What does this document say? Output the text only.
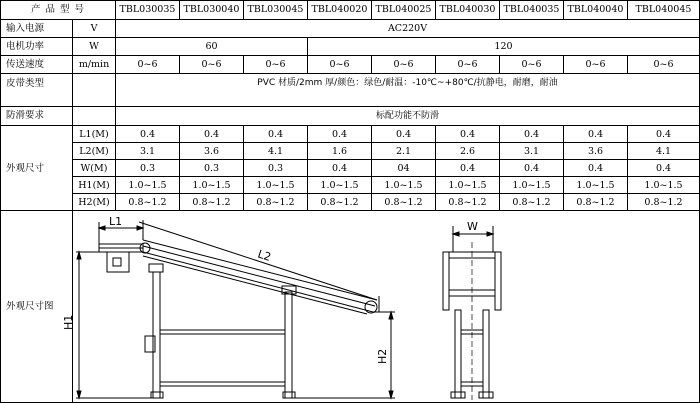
产 品 型 号		TBL030035	TBL030040	TBL030045	TBL040020	TBL040025	TBL040030	TBL040035	TBL040040	TBL040045
输入电源	V	AC220V								
电机功率	W	60			120					
传送速度	m/min	0~6	0~6	0~6	0~6	0~6	0~6	0~6	0~6	0~6
皮带类型		PVC 材质/2mm 厚/颜色：绿色/耐温：-10℃~+80℃/抗静电，耐磨，耐油								
防滑要求		标配功能不防滑								
外观尺寸	L1(M)	0.4	0.4	0.4	0.4	0.4	0.4	0.4	0.4	0.4
	L2(M)	3.1	3.6	4.1	1.6	2.1	2.6	3.1	3.6	4.1
	W(M)	0.3	0.3	0.3	0.4	04	0.4	0.4	0.4	0.4
	H1(M)	1.0~1.5	1.0~1.5	1.0~1.5	1.0~1.5	1.0~1.5	1.0~1.5	1.0~1.5	1.0~1.5	1.0~1.5
	H2(M)	0.8~1.2	0.8~1.2	0.8~1.2	0.8~1.2	0.8~1.2	0.8~1.2	0.8~1.2	0.8~1.2	0.8~1.2
外观尺寸图	H1
L1
L2
H2
W									
